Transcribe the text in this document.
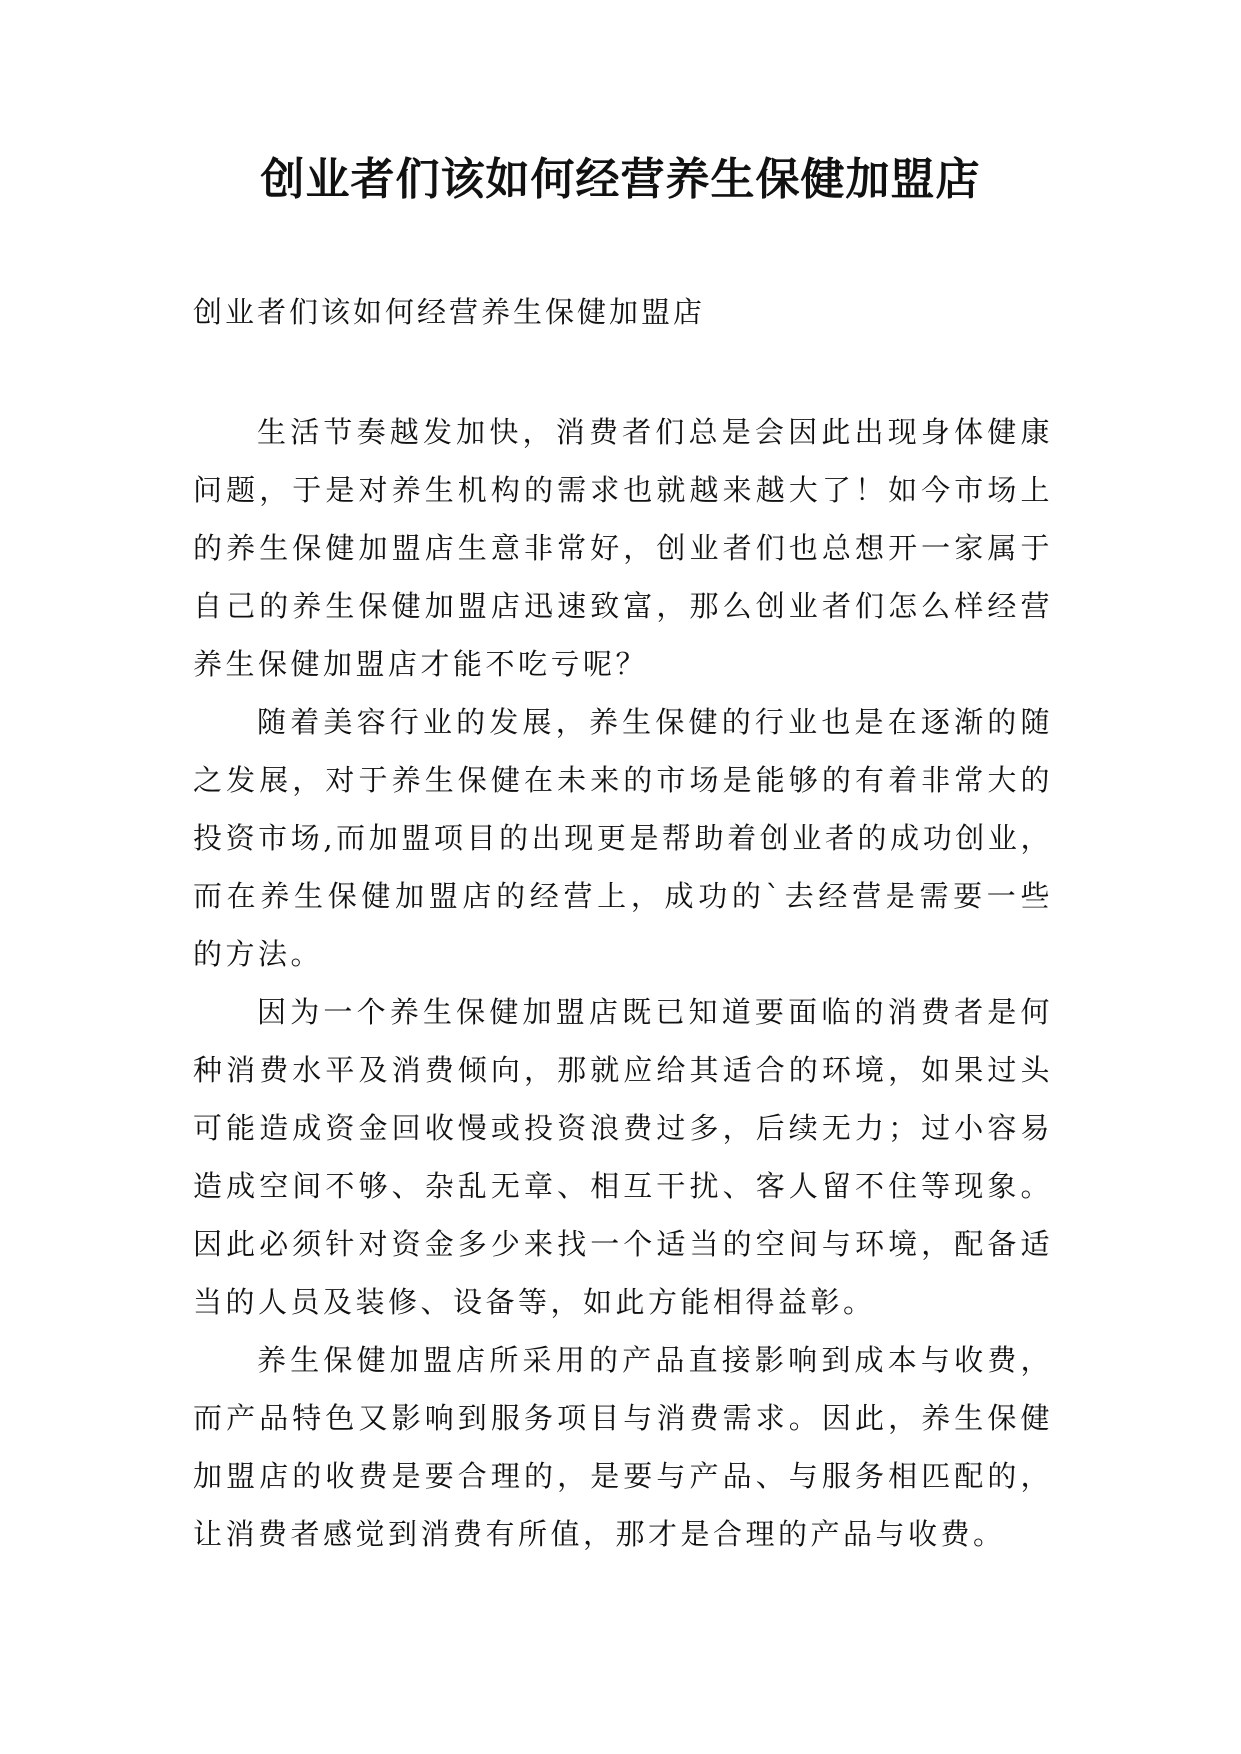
创业者们该如何经营养生保健加盟店

创业者们该如何经营养生保健加盟店

生活节奏越发加快，消费者们总是会因此出现身体健康问题，于是对养生机构的需求也就越来越大了！如今市场上的养生保健加盟店生意非常好，创业者们也总想开一家属于自己的养生保健加盟店迅速致富，那么创业者们怎么样经营养生保健加盟店才能不吃亏呢？

随着美容行业的发展，养生保健的行业也是在逐渐的随之发展，对于养生保健在未来的市场是能够的有着非常大的投资市场,而加盟项目的出现更是帮助着创业者的成功创业，而在养生保健加盟店的经营上，成功的`去经营是需要一些的方法。

因为一个养生保健加盟店既已知道要面临的消费者是何种消费水平及消费倾向，那就应给其适合的环境，如果过头可能造成资金回收慢或投资浪费过多，后续无力；过小容易造成空间不够、杂乱无章、相互干扰、客人留不住等现象。因此必须针对资金多少来找一个适当的空间与环境，配备适当的人员及装修、设备等，如此方能相得益彰。

养生保健加盟店所采用的产品直接影响到成本与收费，而产品特色又影响到服务项目与消费需求。因此，养生保健加盟店的收费是要合理的，是要与产品、与服务相匹配的，让消费者感觉到消费有所值，那才是合理的产品与收费。
